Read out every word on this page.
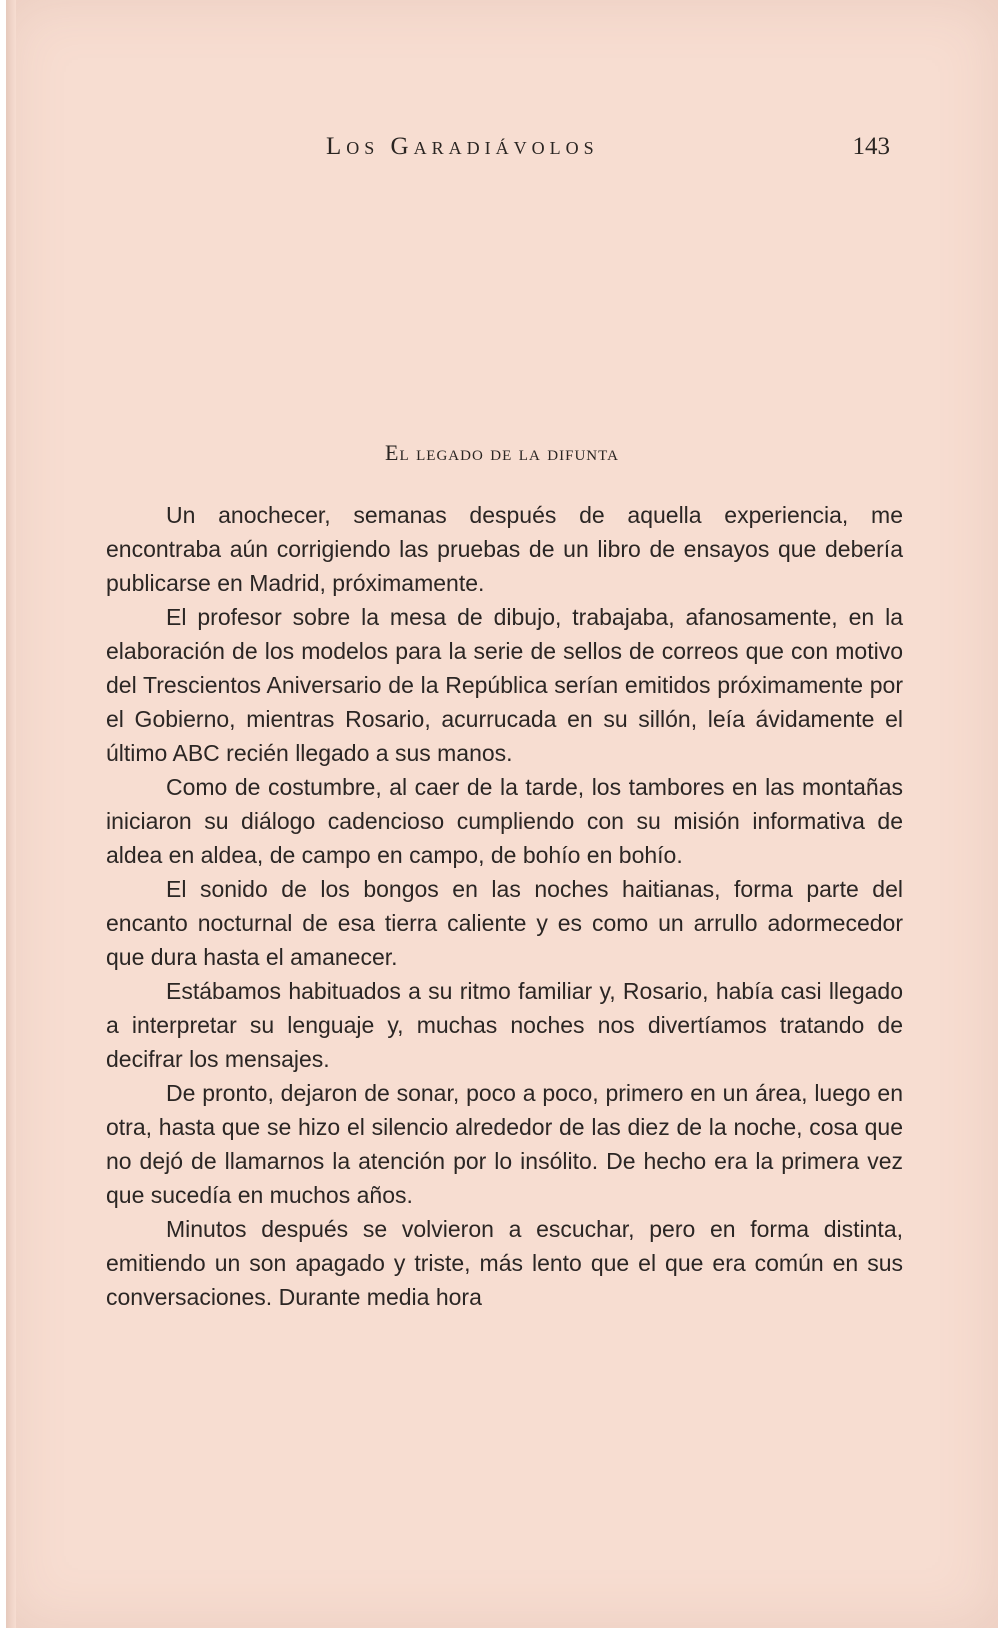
Los Garadiávolos	143
El legado de la difunta

Un anochecer, semanas después de aquella experiencia, me encontraba aún corrigiendo las pruebas de un libro de ensayos que debería publicarse en Madrid, próximamente.

El profesor sobre la mesa de dibujo, trabajaba, afanosamente, en la elaboración de los modelos para la serie de sellos de correos que con motivo del Trescientos Aniversario de la República serían emitidos próximamente por el Gobierno, mientras Rosario, acurrucada en su sillón, leía ávidamente el último ABC recién llegado a sus manos.

Como de costumbre, al caer de la tarde, los tambores en las montañas iniciaron su diálogo cadencioso cumpliendo con su misión informativa de aldea en aldea, de campo en campo, de bohío en bohío.

El sonido de los bongos en las noches haitianas, forma parte del encanto nocturnal de esa tierra caliente y es como un arrullo adormecedor que dura hasta el amanecer.

Estábamos habituados a su ritmo familiar y, Rosario, había casi llegado a interpretar su lenguaje y, muchas noches nos divertíamos tratando de decifrar los mensajes.

De pronto, dejaron de sonar, poco a poco, primero en un área, luego en otra, hasta que se hizo el silencio alrededor de las diez de la noche, cosa que no dejó de llamarnos la atención por lo insólito. De hecho era la primera vez que sucedía en muchos años.

Minutos después se volvieron a escuchar, pero en forma distinta, emitiendo un son apagado y triste, más lento que el que era común en sus conversaciones. Durante media hora
